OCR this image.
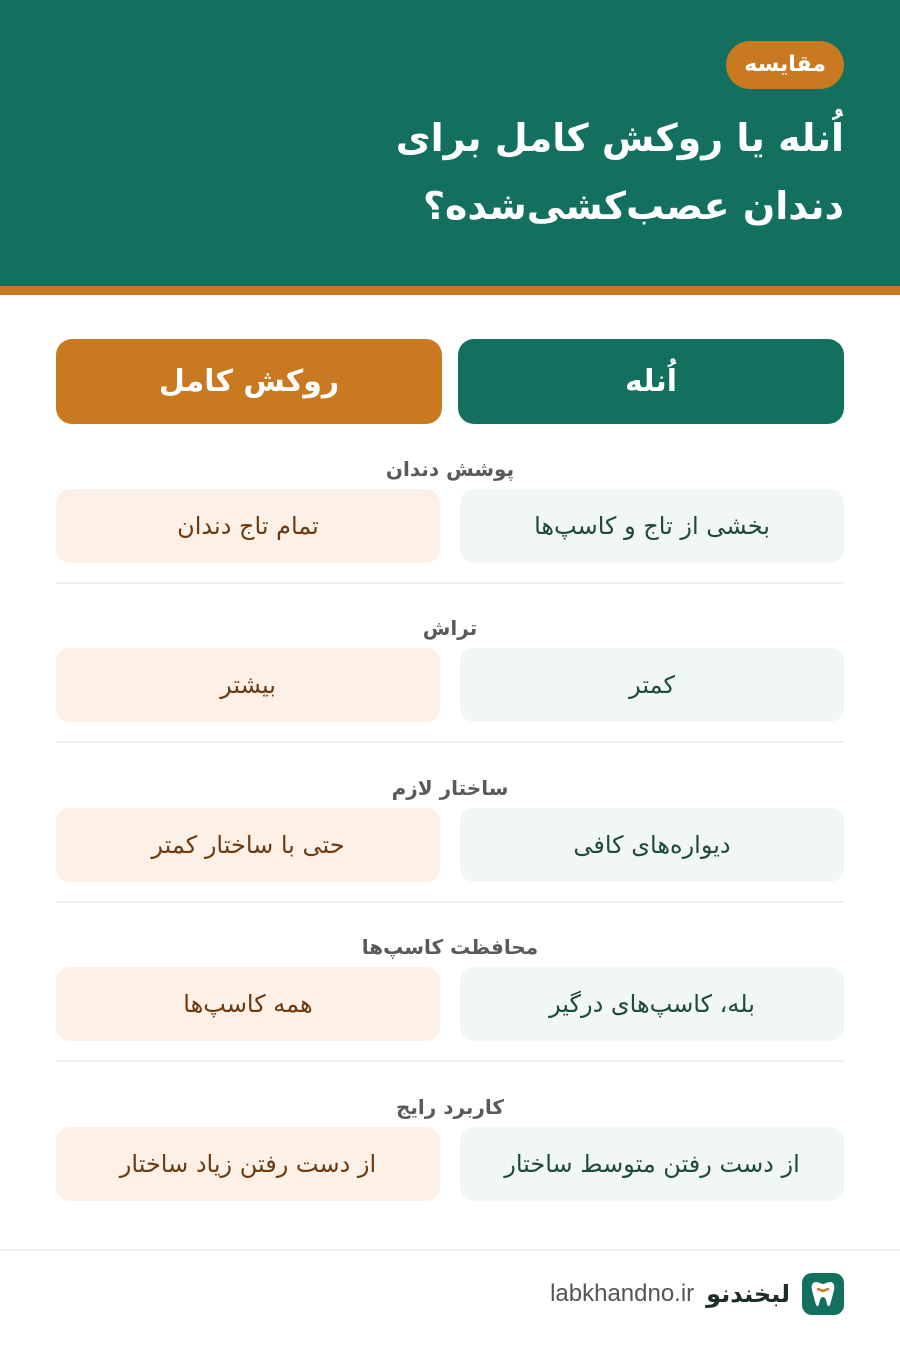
مقایسه
اُنله یا روکش کامل برای دندان عصب‌کشی‌شده؟
اُنله
روکش کامل
پوشش دندان
بخشی از تاج و کاسپ‌ها
تمام تاج دندان
تراش
کمتر
بیشتر
ساختار لازم
دیواره‌های کافی
حتی با ساختار کمتر
محافظت کاسپ‌ها
بله، کاسپ‌های درگیر
همه کاسپ‌ها
کاربرد رایج
از دست رفتن متوسط ساختار
از دست رفتن زیاد ساختار
لبخندنو
labkhandno.ir
